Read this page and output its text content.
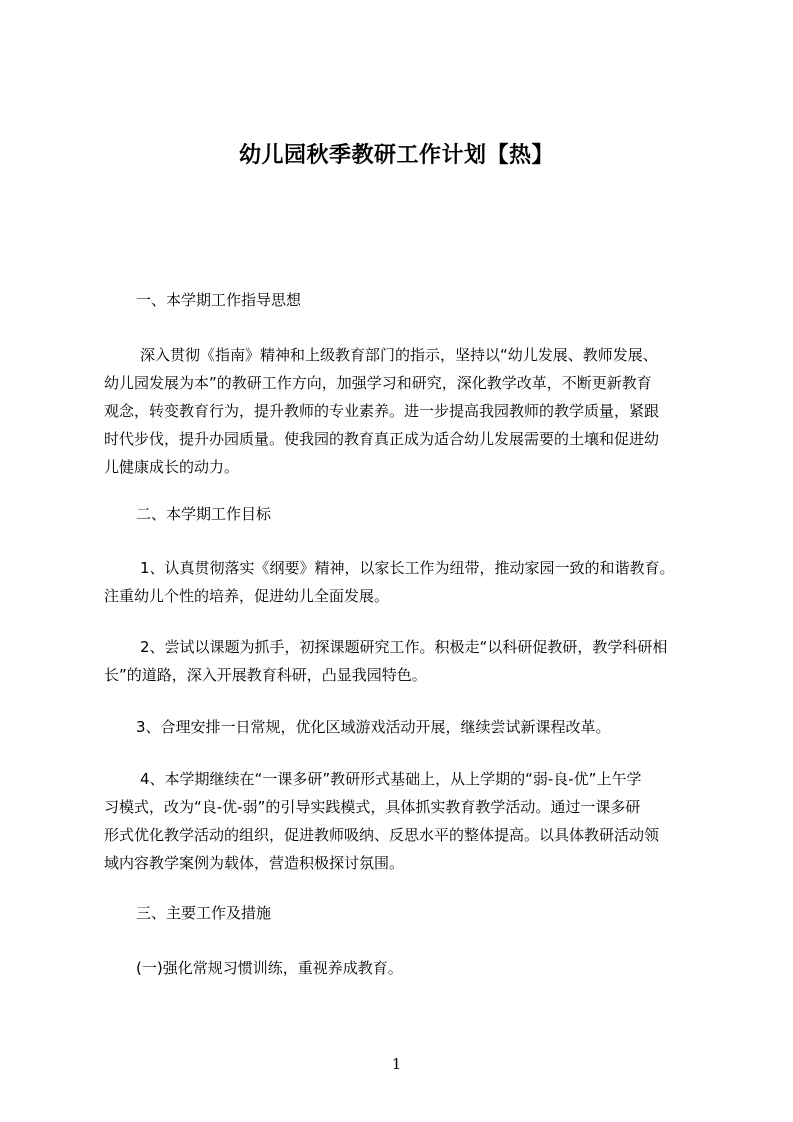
幼儿园秋季教研工作计划【热】
一、本学期工作指导思想
深入贯彻《指南》精神和上级教育部门的指示，坚持以“幼儿发展、教师发展、
幼儿园发展为本”的教研工作方向，加强学习和研究，深化教学改革，不断更新教育
观念，转变教育行为，提升教师的专业素养。进一步提高我园教师的教学质量，紧跟
时代步伐，提升办园质量。使我园的教育真正成为适合幼儿发展需要的土壤和促进幼
儿健康成长的动力。
二、本学期工作目标
1、认真贯彻落实《纲要》精神，以家长工作为纽带，推动家园一致的和谐教育。
注重幼儿个性的培养，促进幼儿全面发展。
2、尝试以课题为抓手，初探课题研究工作。积极走“以科研促教研，教学科研相
长”的道路，深入开展教育科研，凸显我园特色。
3、合理安排一日常规，优化区域游戏活动开展，继续尝试新课程改革。
4、本学期继续在“一课多研”教研形式基础上，从上学期的“弱-良-优”上午学
习模式，改为“良-优-弱”的引导实践模式，具体抓实教育教学活动。通过一课多研
形式优化教学活动的组织，促进教师吸纳、反思水平的整体提高。以具体教研活动领
域内容教学案例为载体，营造积极探讨氛围。
三、主要工作及措施
(一)强化常规习惯训练，重视养成教育。
1
